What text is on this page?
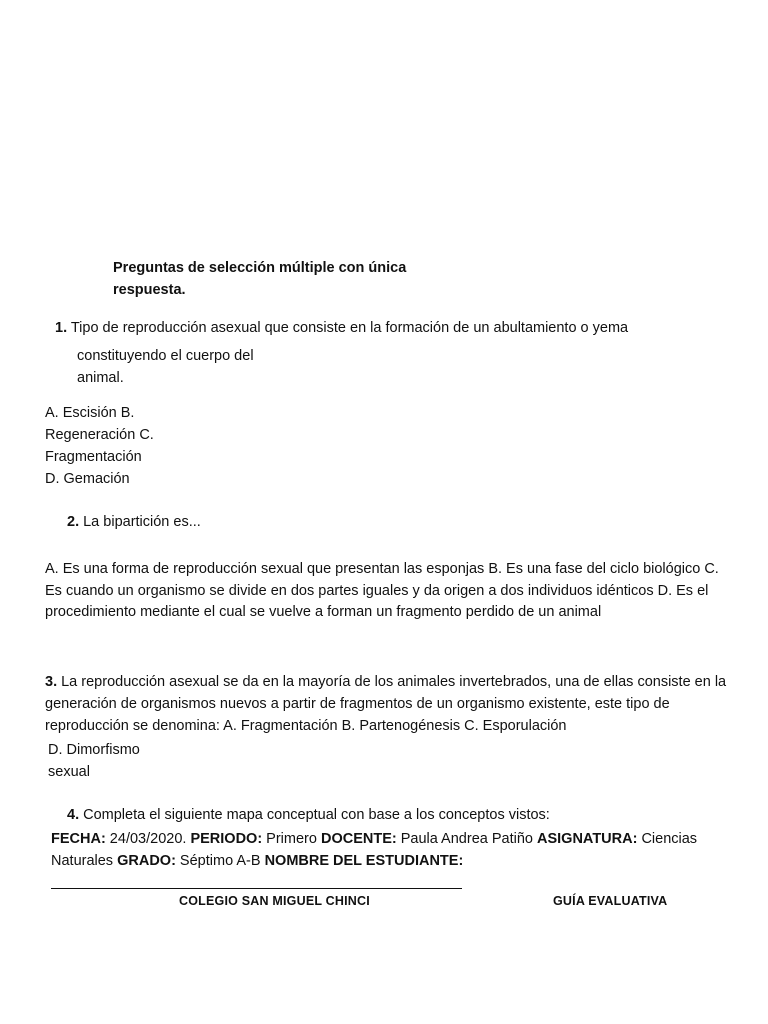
Preguntas de selección múltiple con única
respuesta.
1. Tipo de reproducción asexual que consiste en la formación de un abultamiento o yema
constituyendo el cuerpo del
animal.
A. Escisión B.
Regeneración C.
Fragmentación
D. Gemación
2. La bipartición es...
A. Es una forma de reproducción sexual que presentan las esponjas B. Es una fase del ciclo biológico C. Es cuando un organismo se divide en dos partes iguales y da origen a dos individuos idénticos D. Es el procedimiento mediante el cual se vuelve a forman un fragmento perdido de un animal
3. La reproducción asexual se da en la mayoría de los animales invertebrados, una de ellas consiste en la generación de organismos nuevos a partir de fragmentos de un organismo existente, este tipo de reproducción se denomina: A. Fragmentación B. Partenogénesis C. Esporulación
D. Dimorfismo
sexual
4. Completa el siguiente mapa conceptual con base a los conceptos vistos:
FECHA: 24/03/2020. PERIODO: Primero DOCENTE: Paula Andrea Patiño ASIGNATURA: Ciencias Naturales GRADO: Séptimo A-B NOMBRE DEL ESTUDIANTE:
COLEGIO SAN MIGUEL CHINCI	GUÍA EVALUATIVA
